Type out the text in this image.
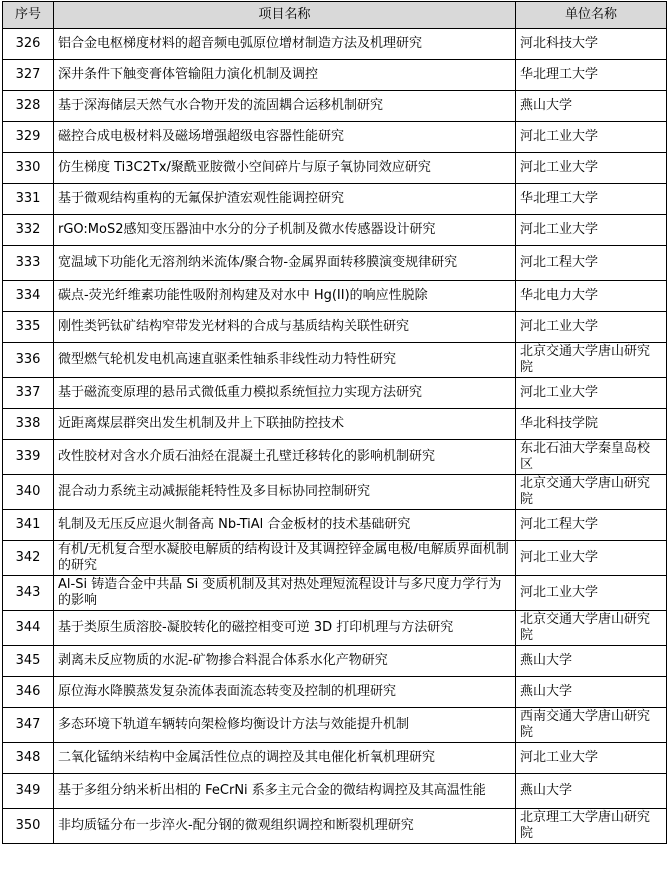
序号	项目名称	单位名称
326	铝合金电枢梯度材料的超音频电弧原位增材制造方法及机理研究	河北科技大学
327	深井条件下触变膏体管输阻力演化机制及调控	华北理工大学
328	基于深海储层天然气水合物开发的流固耦合运移机制研究	燕山大学
329	磁控合成电极材料及磁场增强超级电容器性能研究	河北工业大学
330	仿生梯度 Ti3C2Tx/聚酰亚胺微小空间碎片与原子氧协同效应研究	河北工业大学
331	基于微观结构重构的无氟保护渣宏观性能调控研究	华北理工大学
332	rGO:MoS2感知变压器油中水分的分子机制及微水传感器设计研究	河北工业大学
333	宽温域下功能化无溶剂纳米流体/聚合物-金属界面转移膜演变规律研究	河北工程大学
334	碳点-荧光纤维素功能性吸附剂构建及对水中 Hg(II)的响应性脱除	华北电力大学
335	刚性类钙钛矿结构窄带发光材料的合成与基质结构关联性研究	河北工业大学
336	微型燃气轮机发电机高速直驱柔性轴系非线性动力特性研究	北京交通大学唐山研究院
337	基于磁流变原理的悬吊式微低重力模拟系统恒拉力实现方法研究	河北工业大学
338	近距离煤层群突出发生机制及井上下联抽防控技术	华北科技学院
339	改性胶材对含水介质石油烃在混凝土孔壁迁移转化的影响机制研究	东北石油大学秦皇岛校区
340	混合动力系统主动减振能耗特性及多目标协同控制研究	北京交通大学唐山研究院
341	轧制及无压反应退火制备高 Nb-TiAl 合金板材的技术基础研究	河北工程大学
342	有机/无机复合型水凝胶电解质的结构设计及其调控锌金属电极/电解质界面机制的研究	河北工业大学
343	Al-Si 铸造合金中共晶 Si 变质机制及其对热处理短流程设计与多尺度力学行为的影响	河北工业大学
344	基于类原生质溶胶-凝胶转化的磁控相变可逆 3D 打印机理与方法研究	北京交通大学唐山研究院
345	剥离未反应物质的水泥-矿物掺合料混合体系水化产物研究	燕山大学
346	原位海水降膜蒸发复杂流体表面流态转变及控制的机理研究	燕山大学
347	多态环境下轨道车辆转向架检修均衡设计方法与效能提升机制	西南交通大学唐山研究院
348	二氧化锰纳米结构中金属活性位点的调控及其电催化析氧机理研究	河北工业大学
349	基于多组分纳米析出相的 FeCrNi 系多主元合金的微结构调控及其高温性能	燕山大学
350	非均质锰分布一步淬火-配分钢的微观组织调控和断裂机理研究	北京理工大学唐山研究院
